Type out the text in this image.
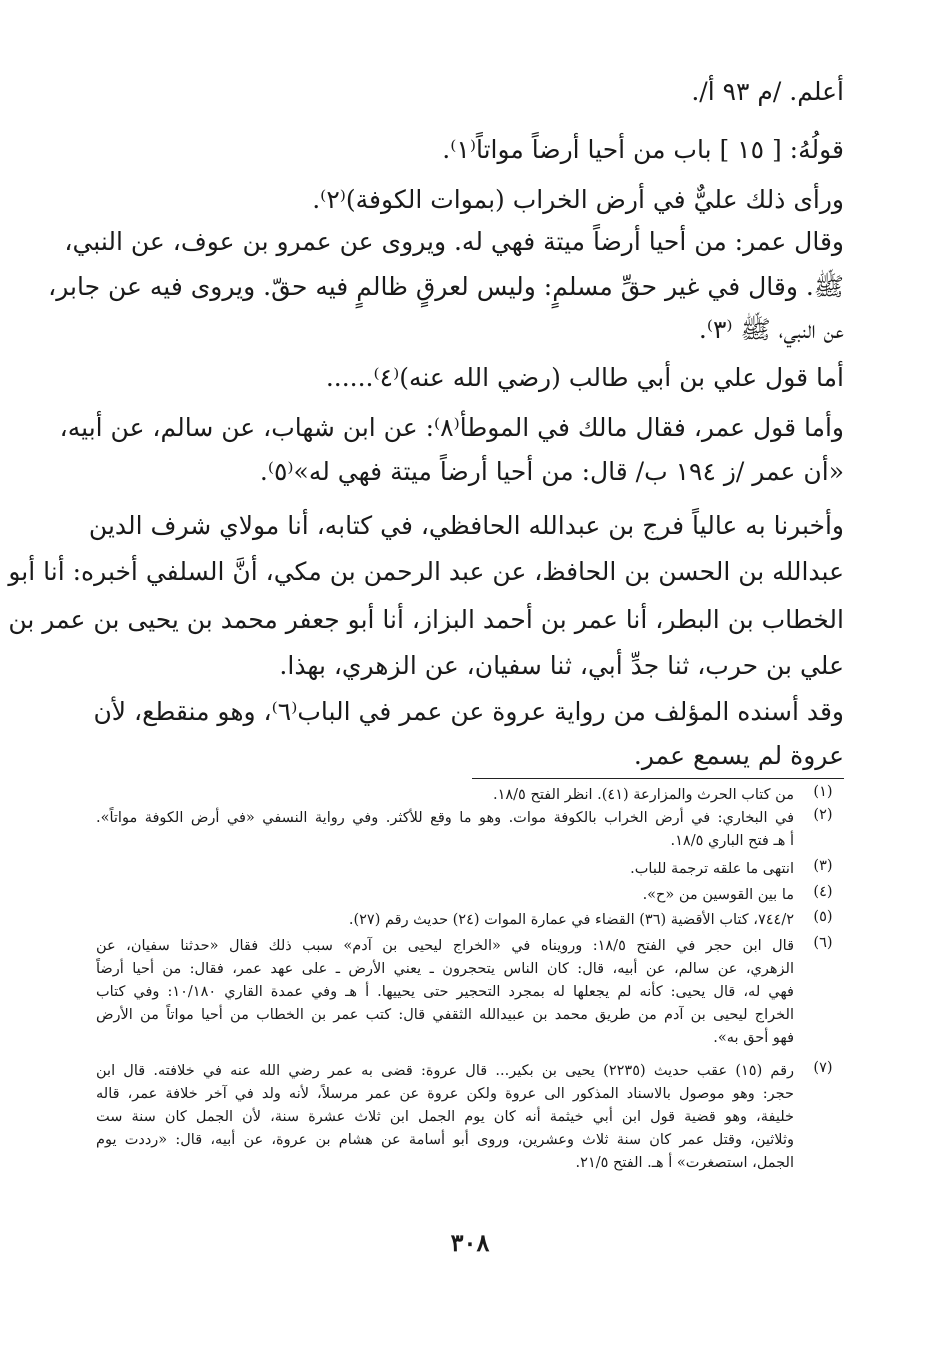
أعلم. /م ٩٣ أ/.
قولُهُ: [ ١٥ ] باب من أحيا أرضاً مواتاً⁽١⁾.
ورأى ذلك عليٌّ في أرض الخراب (بموات الكوفة)⁽٢⁾.
وقال عمر: من أحيا أرضاً ميتة فهي له. ويروى عن عمرو بن عوف، عن النبي،
ﷺ. وقال في غير حقِّ مسلمٍ: وليس لعرقٍ ظالمٍ فيه حقّ. ويروى فيه عن جابر،
عن النبي، ﷺ ⁽٣⁾.
أما قول علي بن أبي طالب (رضي الله عنه)⁽٤⁾......
وأما قول عمر، فقال مالك في الموطأ⁽٨⁾: عن ابن شهاب، عن سالم، عن أبيه،
«أن عمر /ز ١٩٤ ب/ قال: من أحيا أرضاً ميتة فهي له»⁽٥⁾.
وأخبرنا به عالياً فرج بن عبدالله الحافظي، في كتابه، أنا مولاي شرف الدين
عبدالله بن الحسن بن الحافظ، عن عبد الرحمن بن مكي، أنَّ السلفي أخبره: أنا أبو
الخطاب بن البطر، أنا عمر بن أحمد البزاز، أنا أبو جعفر محمد بن يحيى بن عمر بن
علي بن حرب، ثنا جدِّ أبي، ثنا سفيان، عن الزهري، بهذا.
وقد أسنده المؤلف من رواية عروة عن عمر في الباب⁽٦⁾، وهو منقطع، لأن
عروة لم يسمع عمر.
(١)
من كتاب الحرث والمزارعة (٤١). انظر الفتح ١٨/٥.
(٢)
في البخاري: في أرض الخراب بالكوفة موات. وهو ما وقع للأكثر. وفي رواية النسفي «في أرض الكوفة مواتاً».
أ هـ فتح الباري ١٨/٥.
(٣)
انتهى ما علقه ترجمة للباب.
(٤)
ما بين القوسين من «ح».
(٥)
٧٤٤/٢، كتاب الأقضية (٣٦) القضاء في عمارة الموات (٢٤) حديث رقم (٢٧).
(٦)
قال ابن حجر في الفتح ١٨/٥: ورويناه في «الخراج ليحيى بن آدم» سبب ذلك فقال «حدثنا سفيان، عن
الزهري، عن سالم، عن أبيه، قال: كان الناس يتحجرون ـ يعني الأرض ـ على عهد عمر، فقال: من أحيا أرضاً
فهي له، قال يحيى: كأنه لم يجعلها له بمجرد التحجير حتى يحييها. أ هـ وفي عمدة القاري ١٠/١٨٠: وفي كتاب
الخراج ليحيى بن آدم من طريق محمد بن عبيدالله الثقفي قال: كتب عمر بن الخطاب من أحيا مواتاً من الأرض
فهو أحق به».
(٧)
رقم (١٥) عقب حديث (٢٢٣٥) يحيى بن بكير... قال عروة: قضى به عمر رضي الله عنه في خلافته. قال ابن
حجر: وهو موصول بالاسناد المذكور الى عروة ولكن عروة عن عمر مرسلاً، لأنه ولد في آخر خلافة عمر، قاله
خليفة، وهو قضية قول ابن أبي خيثمة أنه كان يوم الجمل ابن ثلاث عشرة سنة، لأن الجمل كان سنة ست
وثلاثين، وقتل عمر كان سنة ثلاث وعشرين، وروى أبو أسامة عن هشام بن عروة، عن أبيه، قال: «رددت يوم
الجمل، استصغرت» أ هـ. الفتح ٢١/٥.
٣٠٨
